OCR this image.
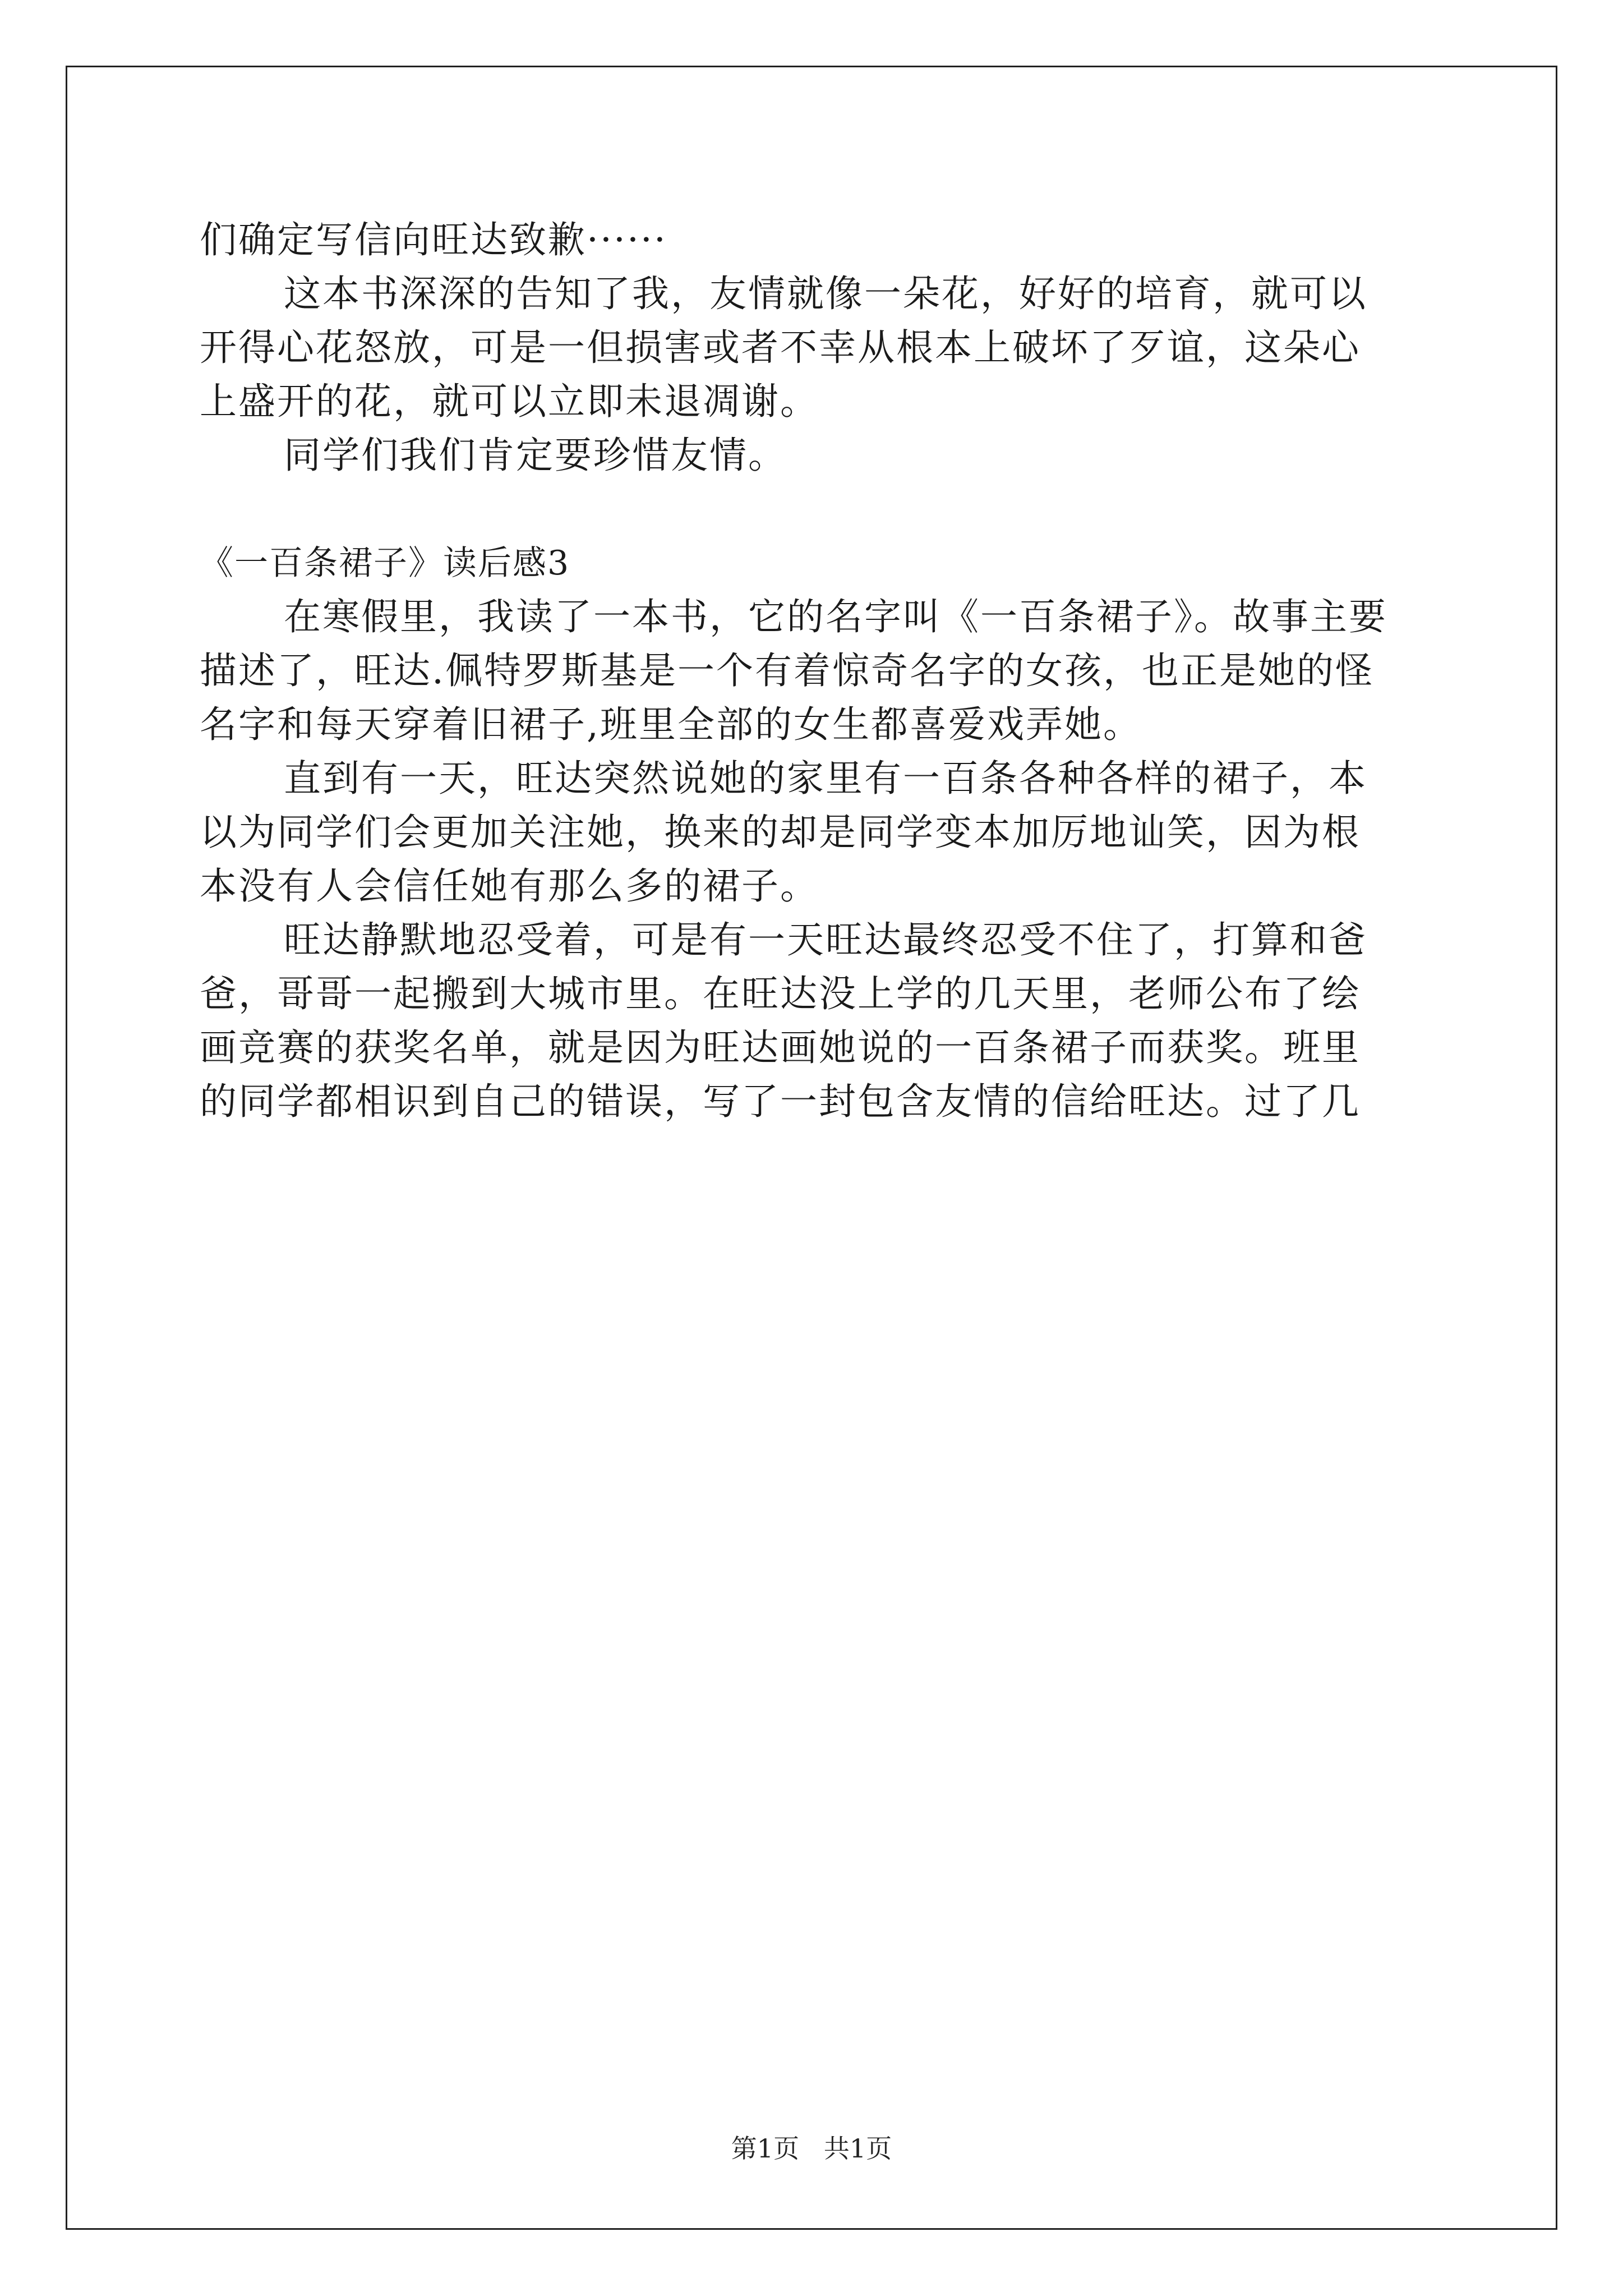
们确定写信向旺达致歉······
这本书深深的告知了我，友情就像一朵花，好好的培育，就可以
开得心花怒放，可是一但损害或者不幸从根本上破坏了歹谊，这朵心
上盛开的花，就可以立即未退凋谢。
同学们我们肯定要珍惜友情。
《一百条裙子》读后感3
在寒假里，我读了一本书，它的名字叫《一百条裙子》。故事主要
描述了，旺达.佩特罗斯基是一个有着惊奇名字的女孩，也正是她的怪
名字和每天穿着旧裙子,班里全部的女生都喜爱戏弄她。
直到有一天，旺达突然说她的家里有一百条各种各样的裙子，本
以为同学们会更加关注她，换来的却是同学变本加厉地讪笑，因为根
本没有人会信任她有那么多的裙子。
旺达静默地忍受着，可是有一天旺达最终忍受不住了，打算和爸
爸，哥哥一起搬到大城市里。在旺达没上学的几天里，老师公布了绘
画竞赛的获奖名单，就是因为旺达画她说的一百条裙子而获奖。班里
的同学都相识到自己的错误，写了一封包含友情的信给旺达。过了几
第1页   共1页
